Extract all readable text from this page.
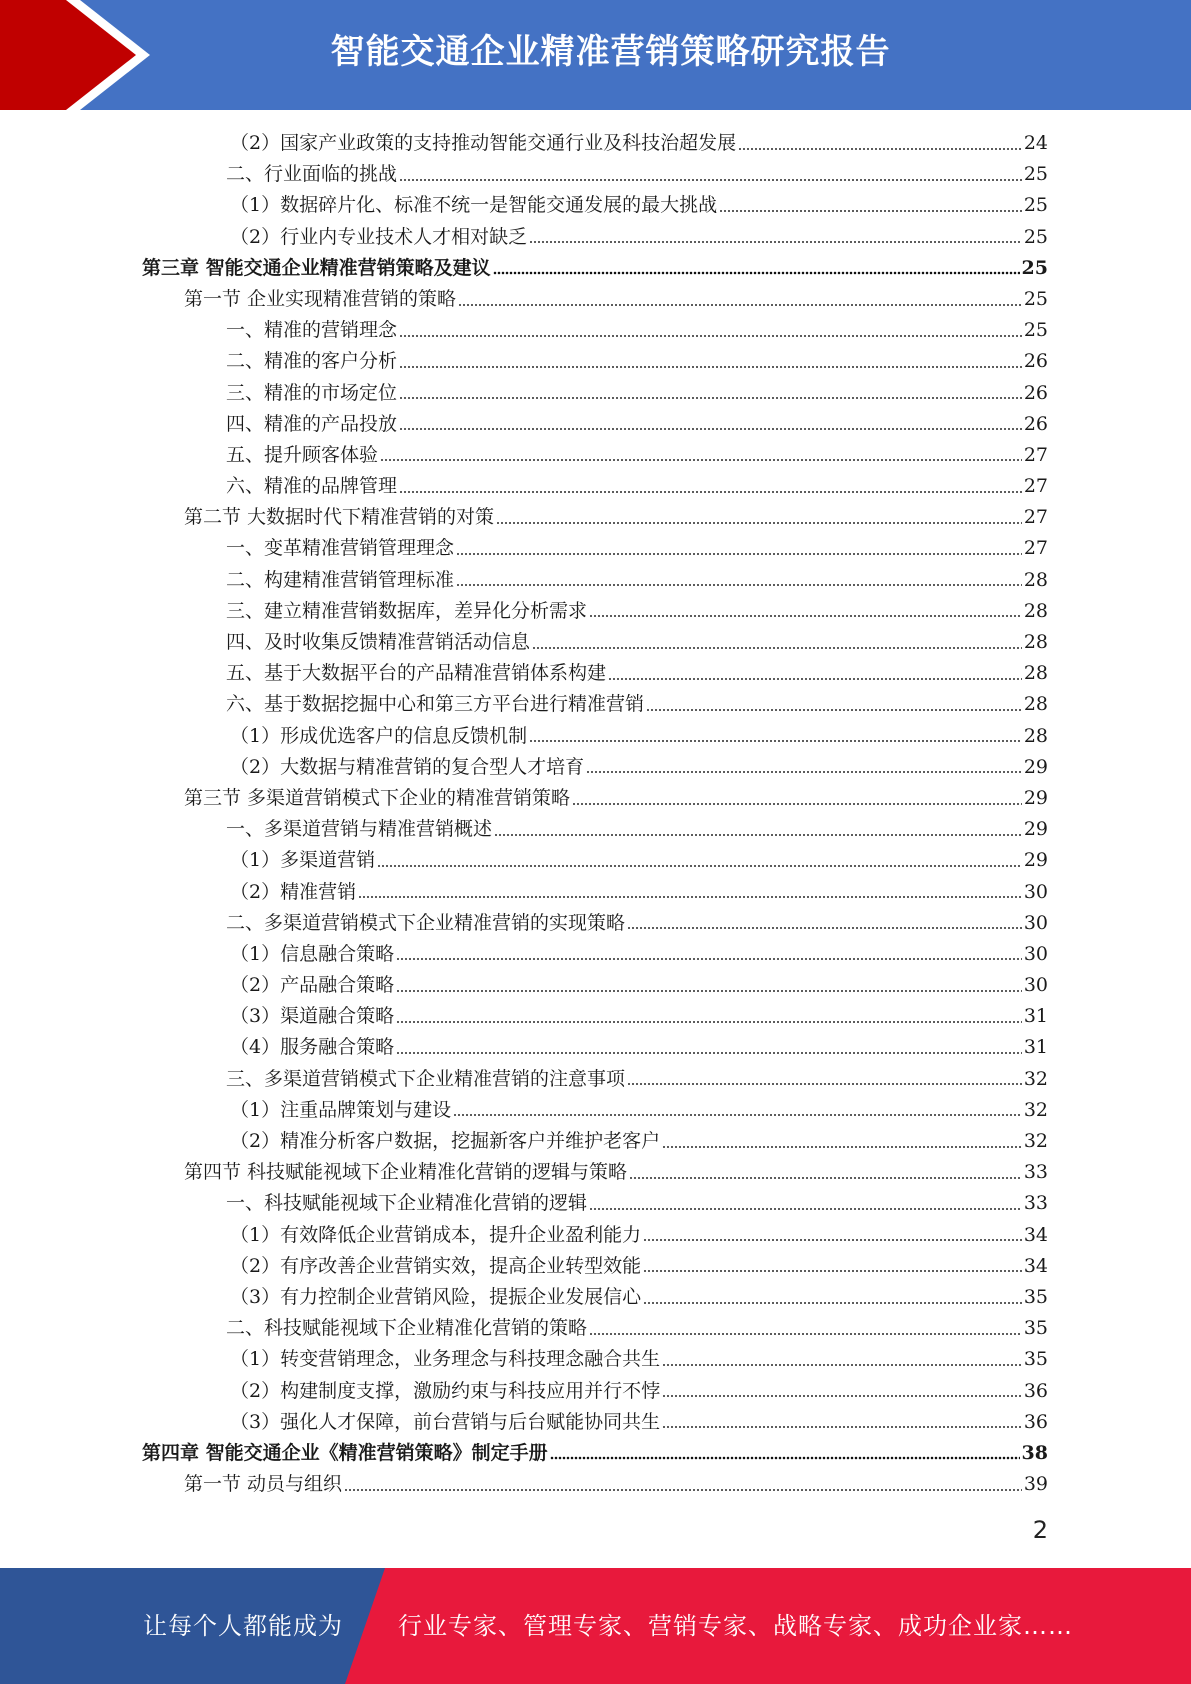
智能交通企业精准营销策略研究报告
（2）国家产业政策的支持推动智能交通行业及科技治超发展	24
二、行业面临的挑战	25
（1）数据碎片化、标准不统一是智能交通发展的最大挑战	25
（2）行业内专业技术人才相对缺乏	25
第三章 智能交通企业精准营销策略及建议	25
第一节 企业实现精准营销的策略	25
一、精准的营销理念	25
二、精准的客户分析	26
三、精准的市场定位	26
四、精准的产品投放	26
五、提升顾客体验	27
六、精准的品牌管理	27
第二节 大数据时代下精准营销的对策	27
一、变革精准营销管理理念	27
二、构建精准营销管理标准	28
三、建立精准营销数据库，差异化分析需求	28
四、及时收集反馈精准营销活动信息	28
五、基于大数据平台的产品精准营销体系构建	28
六、基于数据挖掘中心和第三方平台进行精准营销	28
（1）形成优选客户的信息反馈机制	28
（2）大数据与精准营销的复合型人才培育	29
第三节 多渠道营销模式下企业的精准营销策略	29
一、多渠道营销与精准营销概述	29
（1）多渠道营销	29
（2）精准营销	30
二、多渠道营销模式下企业精准营销的实现策略	30
（1）信息融合策略	30
（2）产品融合策略	30
（3）渠道融合策略	31
（4）服务融合策略	31
三、多渠道营销模式下企业精准营销的注意事项	32
（1）注重品牌策划与建设	32
（2）精准分析客户数据，挖掘新客户并维护老客户	32
第四节 科技赋能视域下企业精准化营销的逻辑与策略	33
一、科技赋能视域下企业精准化营销的逻辑	33
（1）有效降低企业营销成本，提升企业盈利能力	34
（2）有序改善企业营销实效，提高企业转型效能	34
（3）有力控制企业营销风险，提振企业发展信心	35
二、科技赋能视域下企业精准化营销的策略	35
（1）转变营销理念，业务理念与科技理念融合共生	35
（2）构建制度支撑，激励约束与科技应用并行不悖	36
（3）强化人才保障，前台营销与后台赋能协同共生	36
第四章 智能交通企业《精准营销策略》制定手册	38
第一节 动员与组织	39
2
让每个人都能成为 行业专家、管理专家、营销专家、战略专家、成功企业家……
